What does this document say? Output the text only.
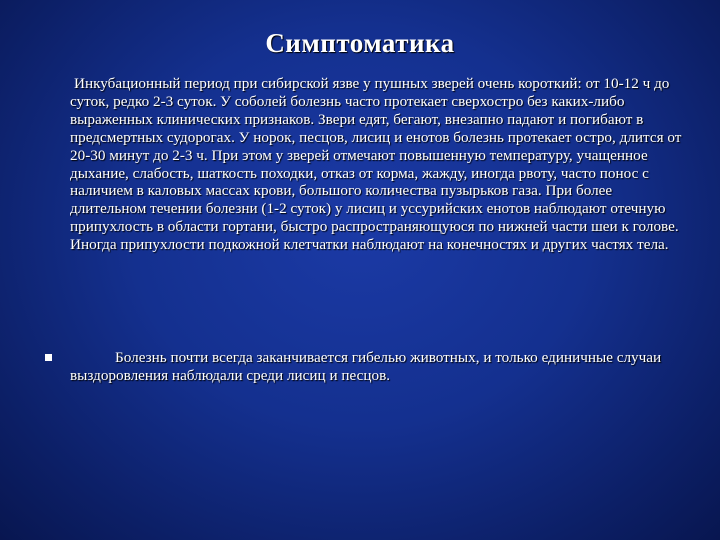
Симптоматика
Инкубационный период при сибирской язве у пушных зверей очень короткий: от 10-12 ч до суток, редко 2-3 суток. У соболей болезнь часто протекает сверхостро без каких-либо выраженных клинических признаков. Звери едят, бегают, внезапно падают и погибают в предсмертных судорогах. У норок, песцов, лисиц и енотов болезнь протекает остро, длится от 20-30 минут до 2-3 ч. При этом у зверей отмечают повышенную температуру, учащенное дыхание, слабость, шаткость походки, отказ от корма, жажду, иногда рвоту, часто понос с наличием в каловых массах крови, большого количества пузырьков газа. При более длительном течении болезни (1-2 суток) у лисиц и уссурийских енотов наблюдают отечную припухлость в области гортани, быстро распространяющуюся по нижней части шеи к голове. Иногда припухлости подкожной клетчатки наблюдают на конечностях и других частях тела.
Болезнь почти всегда заканчивается гибелью животных, и только единичные случаи выздоровления наблюдали среди лисиц и песцов.
